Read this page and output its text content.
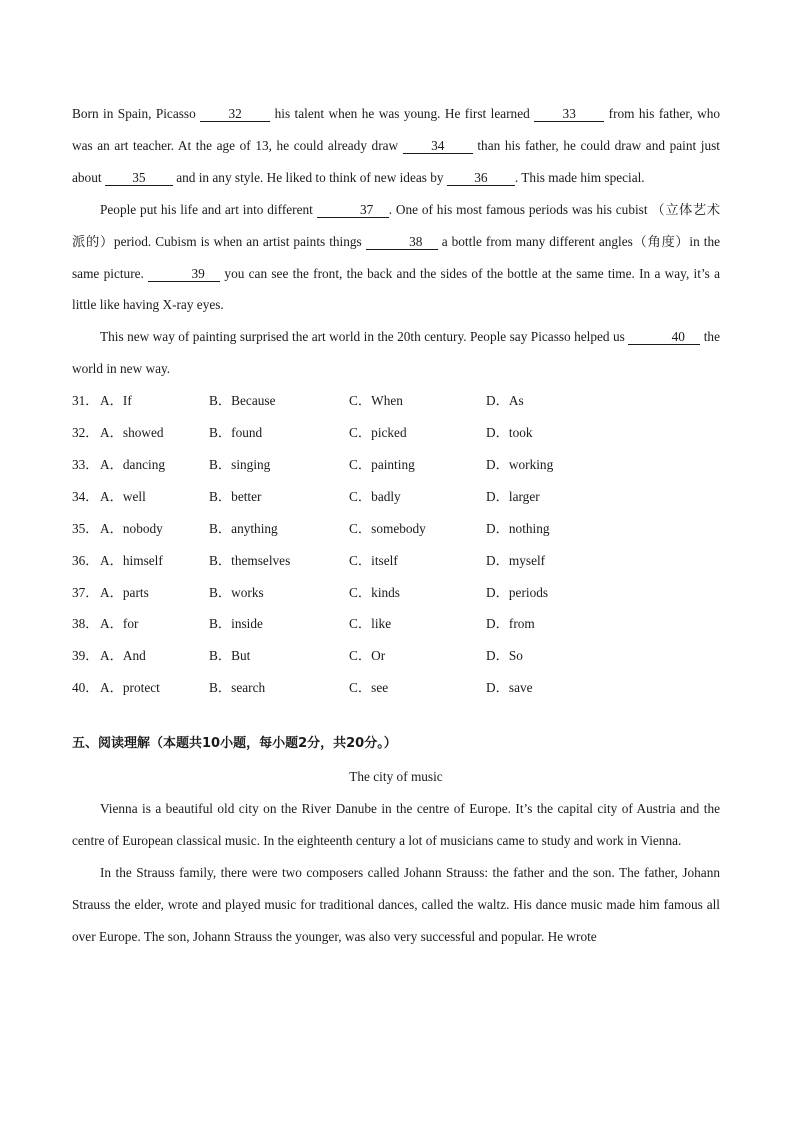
Born in Spain, Picasso 32 his talent when he was young. He first learned 33 from his father, who was an art teacher. At the age of 13, he could already draw 34 than his father, he could draw and paint just about 35 and in any style. He liked to think of new ideas by 36 . This made him special.

People put his life and art into different	37 . One of his most famous periods was his cubist （立体艺术派的）period. Cubism is when an artist paints things	38 a bottle from many different angles（角度）in the same picture.	39 you can see the front, the back and the sides of the bottle at the same time. In a way, it’s a little like having X-ray eyes.

This new way of painting surprised the art world in the 20th century. People say Picasso helped us	40 the world in new way.

31． A．If	B．Because	C．When	D．As
32． A．showed	B．found	C．picked	D．took
33． A．dancing	B．singing	C．painting	D．working
34． A．well	B．better	C．badly	D．larger
35． A．nobody	B．anything	C．somebody	D．nothing
36． A．himself	B．themselves	C．itself	D．myself
37． A．parts	B．works	C．kinds	D．periods
38． A．for	B．inside	C．like	D．from
39． A．And	B．But	C．Or	D．So
40． A．protect	B．search	C．see	D．save
五、阅读理解（本题共10小题，每小题2分，共20分。）
The city of music

Vienna is a beautiful old city on the River Danube in the centre of Europe. It’s the capital city of Austria and the centre of European classical music. In the eighteenth century a lot of musicians came to study and work in Vienna.

In the Strauss family, there were two composers called Johann Strauss: the father and the son. The father, Johann Strauss the elder, wrote and played music for traditional dances, called the waltz. His dance music made him famous all over Europe. The son, Johann Strauss the younger, was also very successful and popular. He wrote
